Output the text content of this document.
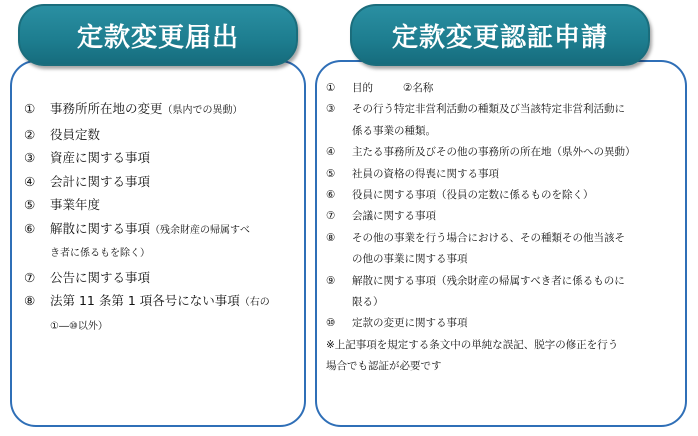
定款変更届出
①	事務所所在地の変更（県内での異動）
②	役員定数
③	資産に関する事項
④	会計に関する事項
⑤	事業年度
⑥	解散に関する事項（残余財産の帰属すべ
き者に係るもを除く）
⑦	公告に関する事項
⑧	法第 11 条第 1 項各号にない事項（右の
①―⑩以外）
定款変更認証申請
①	目的	②名称
③	その行う特定非営利活動の種類及び当該特定非営利活動に
係る事業の種類。
④	主たる事務所及びその他の事務所の所在地（県外への異動）
⑤	社員の資格の得喪に関する事項
⑥	役員に関する事項（役員の定数に係るものを除く）
⑦	会議に関する事項
⑧	その他の事業を行う場合における、その種類その他当該そ
の他の事業に関する事項
⑨	解散に関する事項（残余財産の帰属すべき者に係るものに
限る）
⑩	定款の変更に関する事項
※上記事項を規定する条文中の単純な誤記、脱字の修正を行う
場合でも認証が必要です
